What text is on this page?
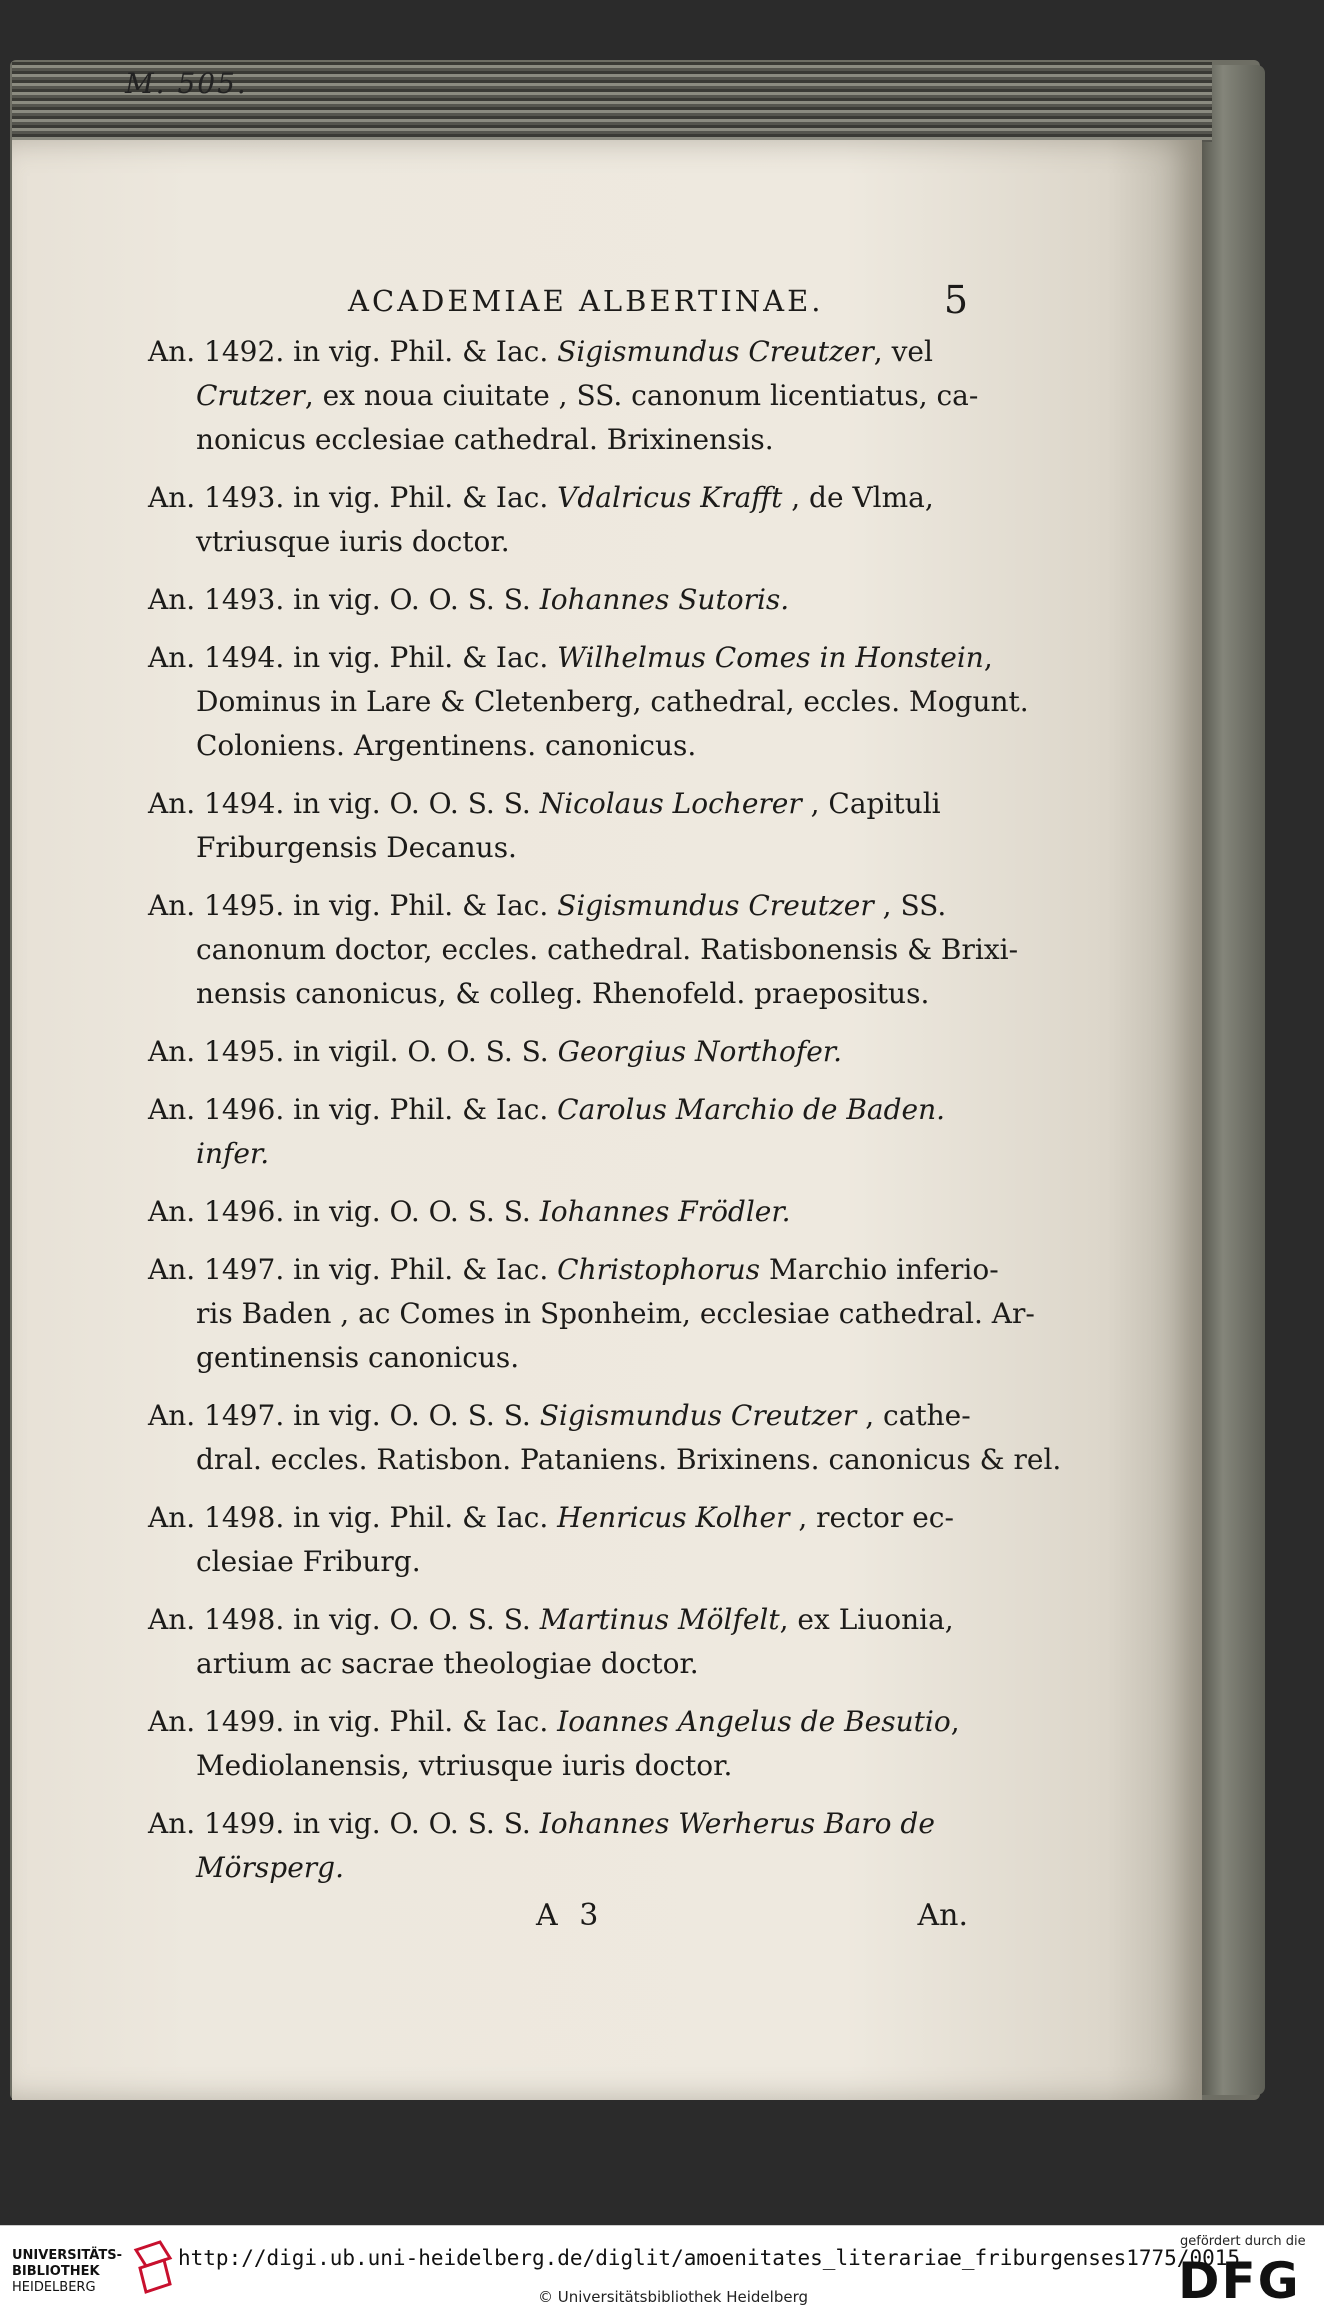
M. 505.
ACADEMIAE ALBERTINAE.	5
An. 1492. in vig. Phil. & Iac. Sigismundus Creutzer, vel
Crutzer, ex noua ciuitate , SS. canonum licentiatus, ca-
nonicus ecclesiae cathedral. Brixinensis.
An. 1493. in vig. Phil. & Iac. Vdalricus Krafft , de Vlma,
vtriusque iuris doctor.
An. 1493. in vig. O. O. S. S. Iohannes Sutoris.
An. 1494. in vig. Phil. & Iac. Wilhelmus Comes in Honstein,
Dominus in Lare & Cletenberg, cathedral, eccles. Mogunt.
Coloniens. Argentinens. canonicus.
An. 1494. in vig. O. O. S. S. Nicolaus Locherer , Capituli
Friburgensis Decanus.
An. 1495. in vig. Phil. & Iac. Sigismundus Creutzer , SS.
canonum doctor, eccles. cathedral. Ratisbonensis & Brixi-
nensis canonicus, & colleg. Rhenofeld. praepositus.
An. 1495. in vigil. O. O. S. S. Georgius Northofer.
An. 1496. in vig. Phil. & Iac. Carolus Marchio de Baden.
infer.
An. 1496. in vig. O. O. S. S. Iohannes Frödler.
An. 1497. in vig. Phil. & Iac. Christophorus Marchio inferio-
ris Baden , ac Comes in Sponheim, ecclesiae cathedral. Ar-
gentinensis canonicus.
An. 1497. in vig. O. O. S. S. Sigismundus Creutzer , cathe-
dral. eccles. Ratisbon. Pataniens. Brixinens. canonicus & rel.
An. 1498. in vig. Phil. & Iac. Henricus Kolher , rector ec-
clesiae Friburg.
An. 1498. in vig. O. O. S. S. Martinus Mölfelt, ex Liuonia,
artium ac sacrae theologiae doctor.
An. 1499. in vig. Phil. & Iac. Ioannes Angelus de Besutio,
Mediolanensis, vtriusque iuris doctor.
An. 1499. in vig. O. O. S. S. Iohannes Werherus Baro de
Mörsperg.
A 3	An.
UNIVERSITÄTS-
BIBLIOTHEK
HEIDELBERG
http://digi.ub.uni-heidelberg.de/diglit/amoenitates_literariae_friburgenses1775/0015
© Universitätsbibliothek Heidelberg
gefördert durch die
DFG
